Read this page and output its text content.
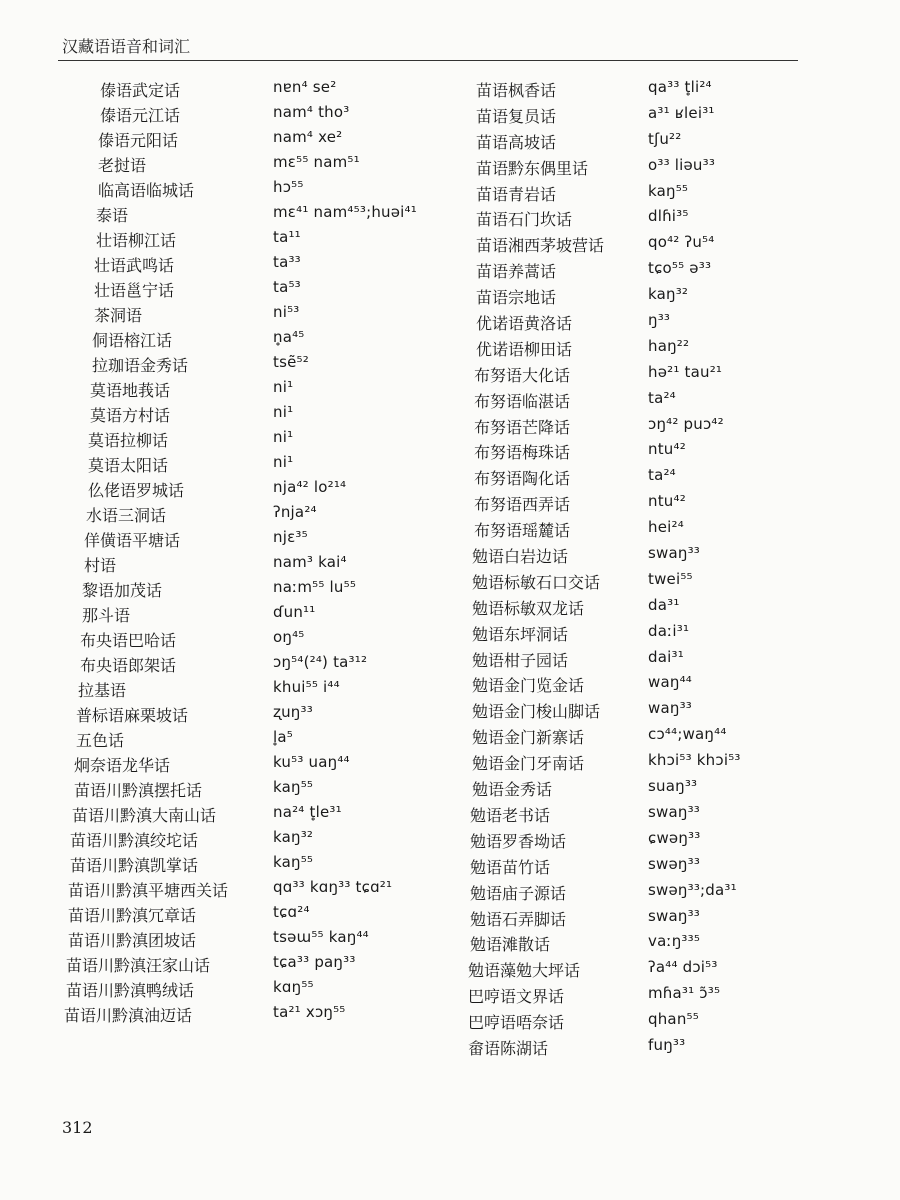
汉藏语语音和词汇
傣语武定话	nɐn⁴ se²
傣语元江话	nam⁴ tho³
傣语元阳话	nam⁴ xe²
老挝语	mɛ⁵⁵ nam⁵¹
临高语临城话	hɔ⁵⁵
泰语	mɛ⁴¹ nam⁴⁵³;huəi⁴¹
壮语柳江话	ta¹¹
壮语武鸣话	ta³³
壮语邕宁话	ta⁵³
茶洞语	ni⁵³
侗语榕江话	n̥a⁴⁵
拉珈语金秀话	tsẽ⁵²
莫语地莪话	ni¹
莫语方村话	ni¹
莫语拉柳话	ni¹
莫语太阳话	ni¹
仫佬语罗城话	nja⁴² lo²¹⁴
水语三洞话	ʔnja²⁴
佯僙语平塘话	njɛ³⁵
村语	nam³ kai⁴
黎语加茂话	naːm⁵⁵ lu⁵⁵
那斗语	ɗun¹¹
布央语巴哈话	oŋ⁴⁵
布央语郎架话	ɔŋ⁵⁴(²⁴) ta³¹²
拉基语	khui⁵⁵ i⁴⁴
普标语麻栗坡话	ʐuŋ³³
五色话	l̥a⁵
炯奈语龙华话	ku⁵³ uaŋ⁴⁴
苗语川黔滇摆托话	kaŋ⁵⁵
苗语川黔滇大南山话	na²⁴ t̥le³¹
苗语川黔滇绞坨话	kaŋ³²
苗语川黔滇凯掌话	kaŋ⁵⁵
苗语川黔滇平塘西关话	qɑ³³ kɑŋ³³ tɕɑ²¹
苗语川黔滇冗章话	tɕɑ²⁴
苗语川黔滇团坡话	tsəɯ⁵⁵ kaŋ⁴⁴
苗语川黔滇汪家山话	tɕa³³ paŋ³³
苗语川黔滇鸭绒话	kɑŋ⁵⁵
苗语川黔滇油迈话	ta²¹ xɔŋ⁵⁵
苗语枫香话	qa³³ t̥li²⁴
苗语复员话	a³¹ ʁlei³¹
苗语高坡话	tʃu²²
苗语黔东偶里话	o³³ liəu³³
苗语青岩话	kaŋ⁵⁵
苗语石门坎话	dlɦi³⁵
苗语湘西茅坡营话	qo⁴² ʔu⁵⁴
苗语养蒿话	tɕo⁵⁵ ə³³
苗语宗地话	kaŋ³²
优诺语黄洛话	ŋ³³
优诺语柳田话	haŋ²²
布努语大化话	hə²¹ tau²¹
布努语临湛话	ta²⁴
布努语芒降话	ɔŋ⁴² puɔ⁴²
布努语梅珠话	ntu⁴²
布努语陶化话	ta²⁴
布努语西弄话	ntu⁴²
布努语瑶麓话	hei²⁴
勉语白岩边话	swaŋ³³
勉语标敏石口交话	twei⁵⁵
勉语标敏双龙话	da³¹
勉语东坪洞话	daːi³¹
勉语柑子园话	dai³¹
勉语金门览金话	waŋ⁴⁴
勉语金门梭山脚话	waŋ³³
勉语金门新寨话	cɔ⁴⁴;waŋ⁴⁴
勉语金门牙南话	khɔi⁵³ khɔi⁵³
勉语金秀话	suaŋ³³
勉语老书话	swaŋ³³
勉语罗香坳话	ɕwəŋ³³
勉语苗竹话	swəŋ³³
勉语庙子源话	swəŋ³³;da³¹
勉语石弄脚话	swaŋ³³
勉语滩散话	vaːŋ³³⁵
勉语藻勉大坪话	ʔa⁴⁴ dɔi⁵³
巴哼语文界话	mɦa³¹ ɔ̃³⁵
巴哼语唔奈话	qhan⁵⁵
畲语陈湖话	fuŋ³³
312
